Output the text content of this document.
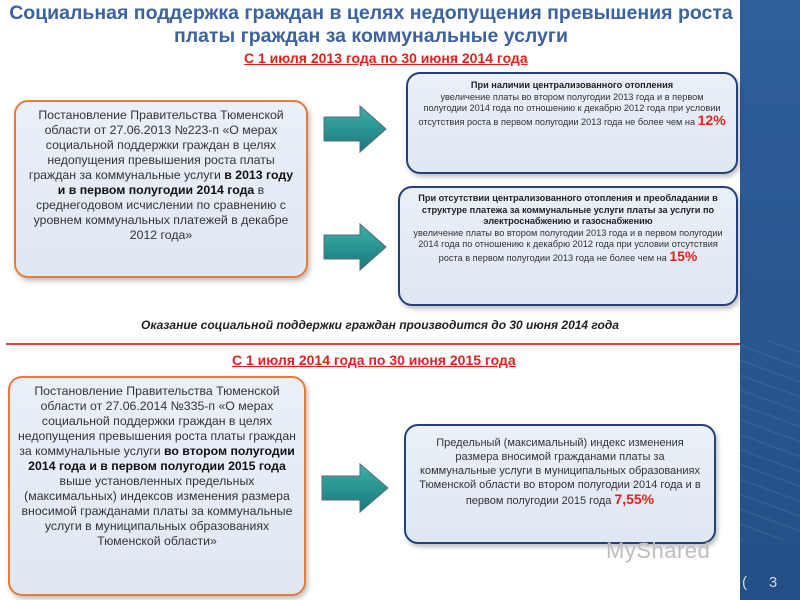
(	3
Социальная поддержка граждан в целях недопущения превышения роста
платы граждан за коммунальные услуги
С 1 июля 2013 года по 30 июня 2014 года
Постановление Правительства Тюменской области от 27.06.2013 №223-п «О мерах социальной поддержки граждан в целях недопущения превышения роста платы граждан за коммунальные услуги в 2013 году и в первом полугодии 2014 года в среднегодовом исчислении по сравнению с уровнем коммунальных платежей в декабре 2012 года»
При наличии централизованного отопления
увеличение платы во втором полугодии 2013 года и в первом полугодии 2014 года по отношению к декабрю 2012 года при условии отсутствия роста в первом полугодии 2013 года не более чем на 12%
При отсутствии централизованного отопления и преобладании в структуре платежа за коммунальные услуги платы за услуги по электроснабжению и газоснабжению
увеличение платы во втором полугодии 2013 года и в первом полугодии 2014 года по отношению к декабрю 2012 года при условии отсутствия роста в первом полугодии 2013 года не более чем на 15%
Оказание социальной поддержки граждан производится до 30 июня 2014 года
С 1 июля 2014 года по 30 июня 2015 года
Постановление Правительства Тюменской области от 27.06.2014 №335-п «О мерах социальной поддержки граждан в целях недопущения превышения роста платы граждан за коммунальные услуги во втором полугодии 2014 года и в первом полугодии 2015 года выше установленных предельных (максимальных) индексов изменения размера вносимой гражданами платы за коммунальные услуги в муниципальных образованиях Тюменской области»
Предельный (максимальный) индекс изменения размера вносимой гражданами платы за коммунальные услуги в муниципальных образованиях Тюменской области во втором полугодии 2014 года и в первом полугодии 2015 года 7,55%
MyShared
